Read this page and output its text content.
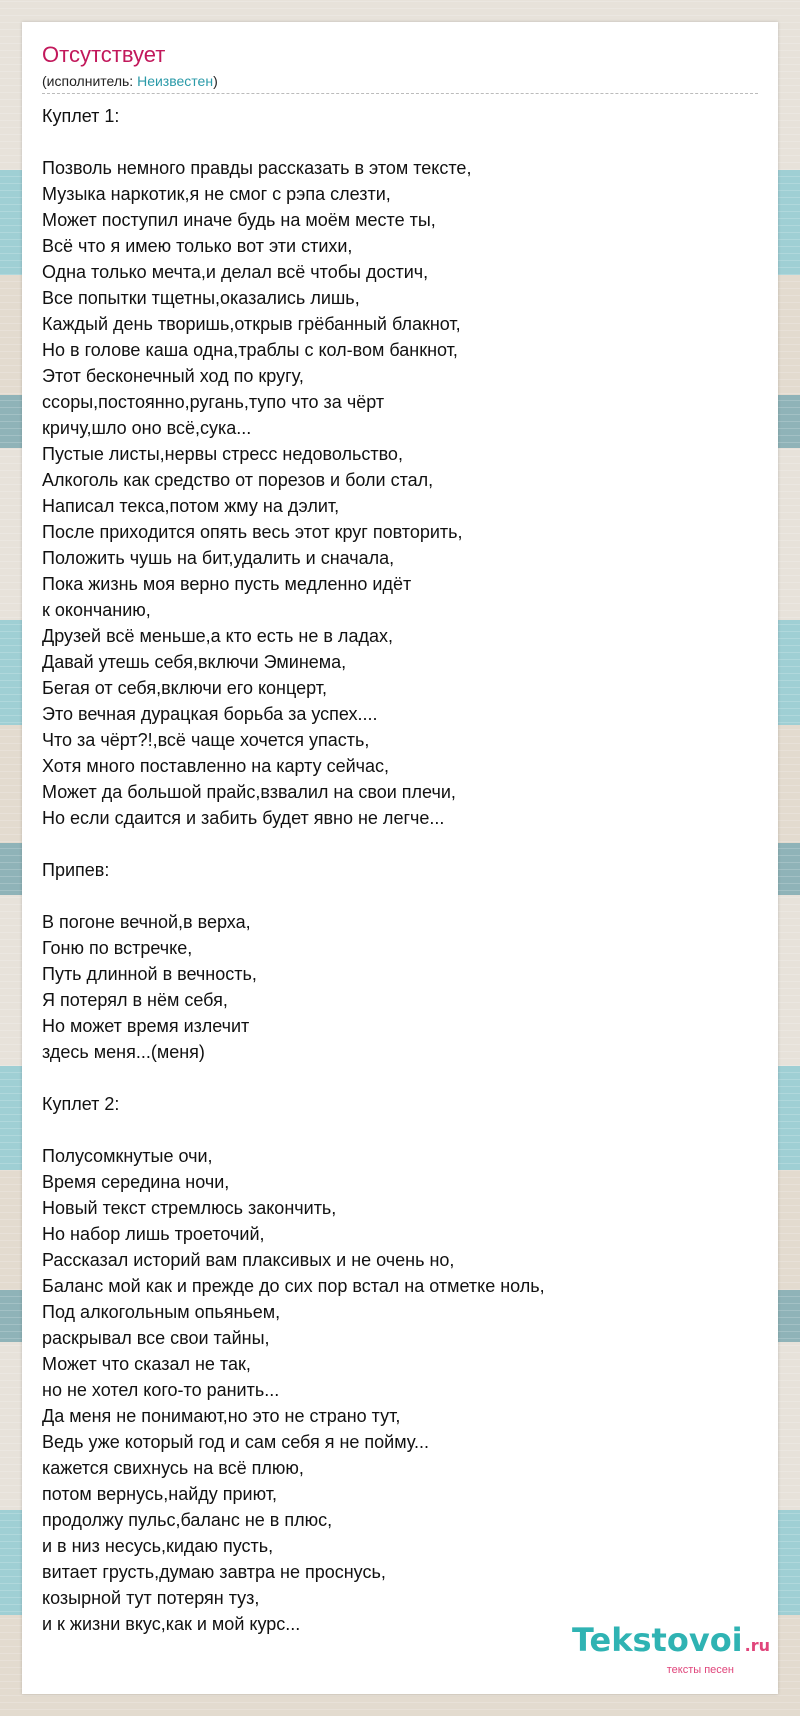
Отсутствует
(исполнитель: Неизвестен)
Куплет 1:

Позволь немного правды рассказать в этом тексте,
Музыка наркотик,я не смог с рэпа слезти,
Может поступил иначе будь на моём месте ты,
Всё что я имею только вот эти стихи,
Одна только мечта,и делал всё чтобы достич,
Все попытки тщетны,оказались лишь,
Каждый день творишь,открыв грёбанный блакнот,
Но в голове каша одна,траблы с кол-вом банкнот,
Этот бесконечный ход по кругу,
ссоры,постоянно,ругань,тупо что за чёрт
кричу,шло оно всё,сука...
Пустые листы,нервы стресс недовольство,
Алкоголь как средство от порезов и боли стал,
Написал текса,потом жму на дэлит,
После приходится опять весь этот круг повторить,
Положить чушь на бит,удалить и сначала,
Пока жизнь моя верно пусть медленно идёт
к окончанию,
Друзей всё меньше,а кто есть не в ладах,
Давай утешь себя,включи Эминема,
Бегая от себя,включи его концерт,
Это вечная дурацкая борьба за успех....
Что за чёрт?!,всё чаще хочется упасть,
Хотя много поставленно на карту сейчас,
Может да большой прайс,взвалил на свои плечи,
Но если сдаится и забить будет явно не легче...

Припев:

В погоне вечной,в верха,
Гоню по встречке,
Путь длинной в вечность,
Я потерял в нём себя,
Но может время излечит
здесь меня...(меня)

Куплет 2:

Полусомкнутые очи,
Время середина ночи,
Новый текст стремлюсь закончить,
Но набор лишь троеточий,
Рассказал историй вам плаксивых и не очень но,
Баланс мой как и прежде до сих пор встал на отметке ноль,
Под алкогольным опьяньем,
раскрывал все свои тайны,
Может что сказал не так,
но не хотел кого-то ранить...
Да меня не понимают,но это не страно тут,
Ведь уже который год и сам себя я не пойму...
кажется свихнусь на всё плюю,
потом вернусь,найду приют,
продолжу пульс,баланс не в плюс,
и в низ несусь,кидаю пусть,
витает грусть,думаю завтра не проснусь,
козырной тут потерян туз,
и к жизни вкус,как и мой курс...	Tekstovoi .ru
тексты песен
